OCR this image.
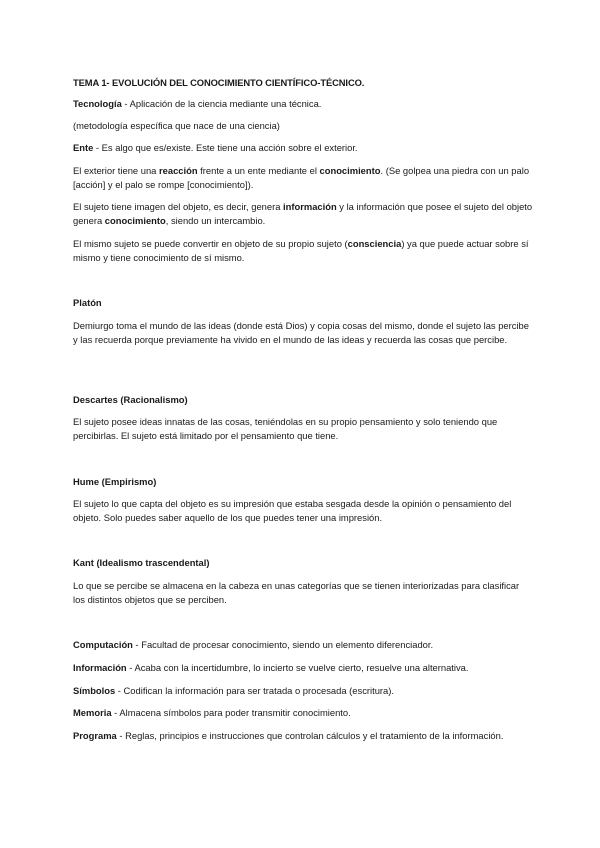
TEMA 1- EVOLUCIÓN DEL CONOCIMIENTO CIENTÍFICO-TÉCNICO.

Tecnología - Aplicación de la ciencia mediante una técnica.

(metodología específica que nace de una ciencia)

Ente - Es algo que es/existe. Este tiene una acción sobre el exterior.

El exterior tiene una reacción frente a un ente mediante el conocimiento. (Se golpea una piedra con un palo [acción] y el palo se rompe [conocimiento]).

El sujeto tiene imagen del objeto, es decir, genera información y la información que posee el sujeto del objeto genera conocimiento, siendo un intercambio.

El mismo sujeto se puede convertir en objeto de su propio sujeto (consciencia) ya que puede actuar sobre sí mismo y tiene conocimiento de sí mismo.

Platón

Demiurgo toma el mundo de las ideas (donde está Dios) y copia cosas del mismo, donde el sujeto las percibe y las recuerda porque previamente ha vivido en el mundo de las ideas y recuerda las cosas que percibe.

Descartes (Racionalismo)

El sujeto posee ideas innatas de las cosas, teniéndolas en su propio pensamiento y solo teniendo que percibirlas. El sujeto está limitado por el pensamiento que tiene.

Hume (Empirismo)

El sujeto lo que capta del objeto es su impresión que estaba sesgada desde la opinión o pensamiento del objeto. Solo puedes saber aquello de los que puedes tener una impresión.

Kant (Idealismo trascendental)

Lo que se percibe se almacena en la cabeza en unas categorías que se tienen interiorizadas para clasificar los distintos objetos que se perciben.

Computación - Facultad de procesar conocimiento, siendo un elemento diferenciador.

Información - Acaba con la incertidumbre, lo incierto se vuelve cierto, resuelve una alternativa.

Símbolos - Codifican la información para ser tratada o procesada (escritura).

Memoria - Almacena símbolos para poder transmitir conocimiento.

Programa - Reglas, principios e instrucciones que controlan cálculos y el tratamiento de la información.
